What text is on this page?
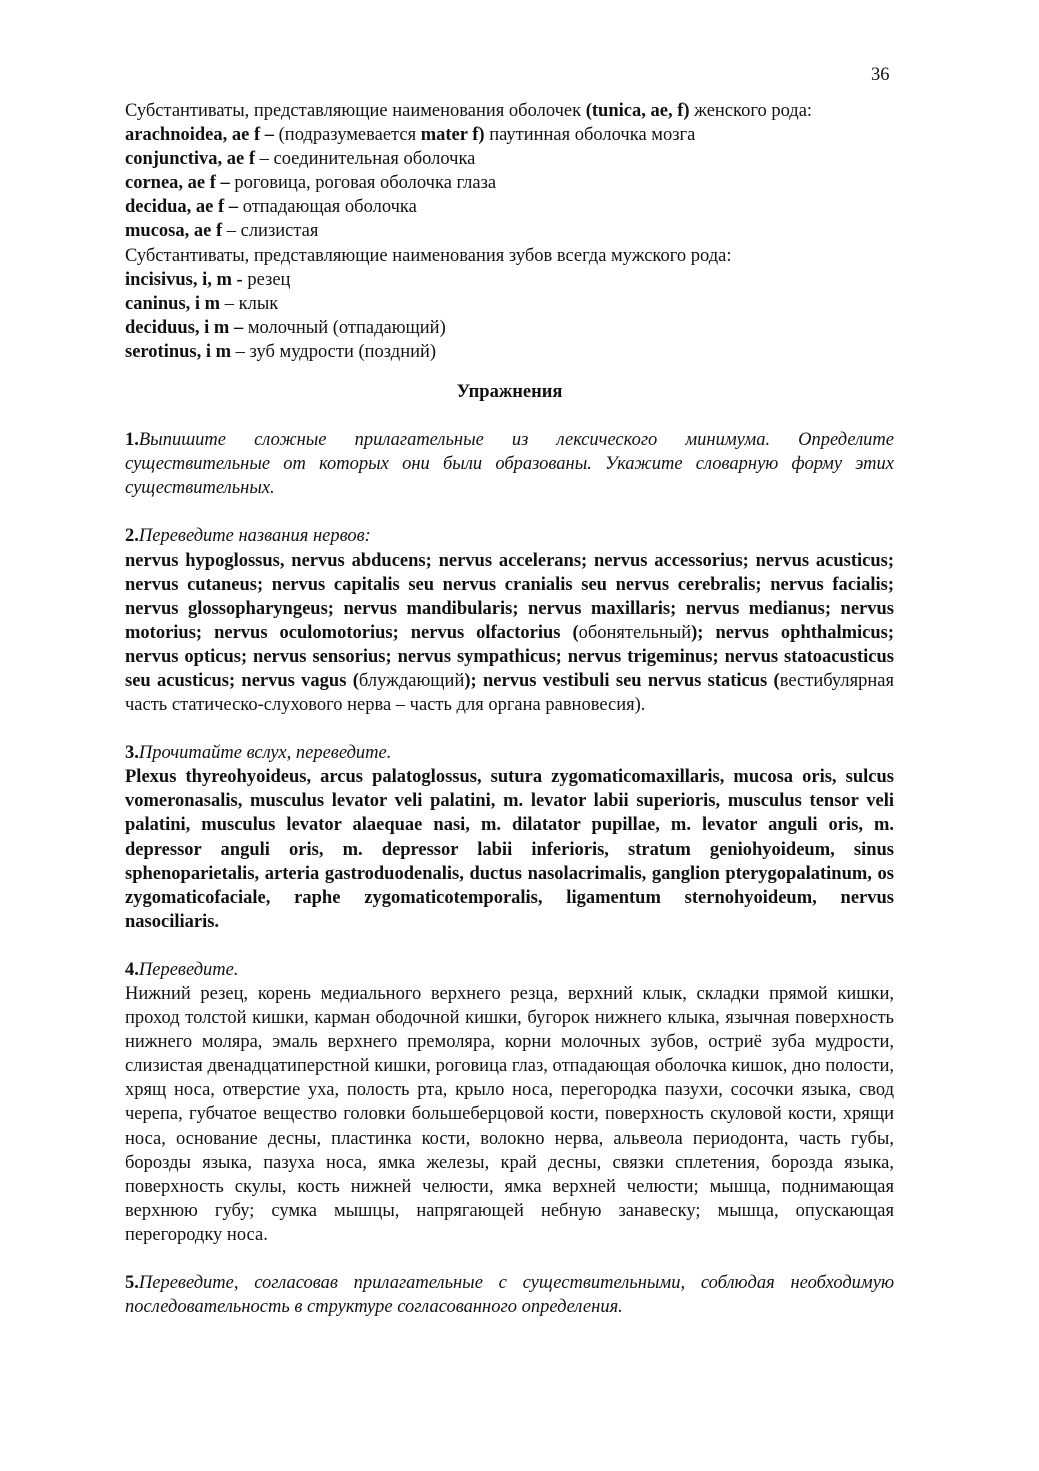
36

Субстантиваты, представляющие наименования оболочек (tunica, ae, f) женского рода:

arachnoidea, ae f – (подразумевается mater f) паутинная оболочка мозга
conjunctiva, ae f – соединительная оболочка
cornea, ae f – роговица, роговая оболочка глаза
decidua, ae f – отпадающая оболочка
mucosa, ae f – слизистая

Субстантиваты, представляющие наименования зубов всегда мужского рода:

incisivus, i, m - резец
caninus, i m – клык
deciduus, i m – молочный (отпадающий)
serotinus, i m – зуб мудрости (поздний)

Упражнения

1.Выпишите сложные прилагательные из лексического минимума. Определите существительные от которых они были образованы. Укажите словарную форму этих существительных.

2.Переведите названия нервов:

nervus hypoglossus, nervus abducens; nervus accelerans; nervus accessorius; nervus acusticus; nervus cutaneus; nervus capitalis seu nervus cranialis seu nervus cerebralis; nervus facialis; nervus glossopharyngeus; nervus mandibularis; nervus maxillaris; nervus medianus; nervus motorius; nervus oculomotorius; nervus olfactorius (обонятельный); nervus ophthalmicus; nervus opticus; nervus sensorius; nervus sympathicus; nervus trigeminus; nervus statoacusticus seu acusticus; nervus vagus (блуждающий); nervus vestibuli seu nervus staticus (вестибулярная часть статическо-слухового нерва – часть для органа равновесия).

3.Прочитайте вслух, переведите.

Plexus thyreohyoideus, arcus palatoglossus, sutura zygomaticomaxillaris, mucosa oris, sulcus vomeronasalis, musculus levator veli palatini, m. levator labii superioris, musculus tensor veli palatini, musculus levator alaequae nasi, m. dilatator pupillae, m. levator anguli oris, m. depressor anguli oris, m. depressor labii inferioris, stratum geniohyoideum, sinus sphenoparietalis, arteria gastroduodenalis, ductus nasolacrimalis, ganglion pterygopalatinum, os zygomaticofaciale, raphe zygomaticotemporalis, ligamentum sternohyoideum, nervus nasociliaris.

4.Переведите.

Нижний резец, корень медиального верхнего резца, верхний клык, складки прямой кишки, проход толстой кишки, карман ободочной кишки, бугорок нижнего клыка, язычная поверхность нижнего моляра, эмаль верхнего премоляра, корни молочных зубов, остриё зуба мудрости, слизистая двенадцатиперстной кишки, роговица глаз, отпадающая оболочка кишок, дно полости, хрящ носа, отверстие уха, полость рта, крыло носа, перегородка пазухи, сосочки языка, свод черепа, губчатое вещество головки большеберцовой кости, поверхность скуловой кости, хрящи носа, основание десны, пластинка кости, волокно нерва, альвеола периодонта, часть губы, борозды языка, пазуха носа, ямка железы, край десны, связки сплетения, борозда языка, поверхность скулы, кость нижней челюсти, ямка верхней челюсти; мышца, поднимающая верхнюю губу; сумка мышцы, напрягающей небную занавеску; мышца, опускающая перегородку носа.

5.Переведите, согласовав прилагательные с существительными, соблюдая необходимую последовательность в структуре согласованного определения.
